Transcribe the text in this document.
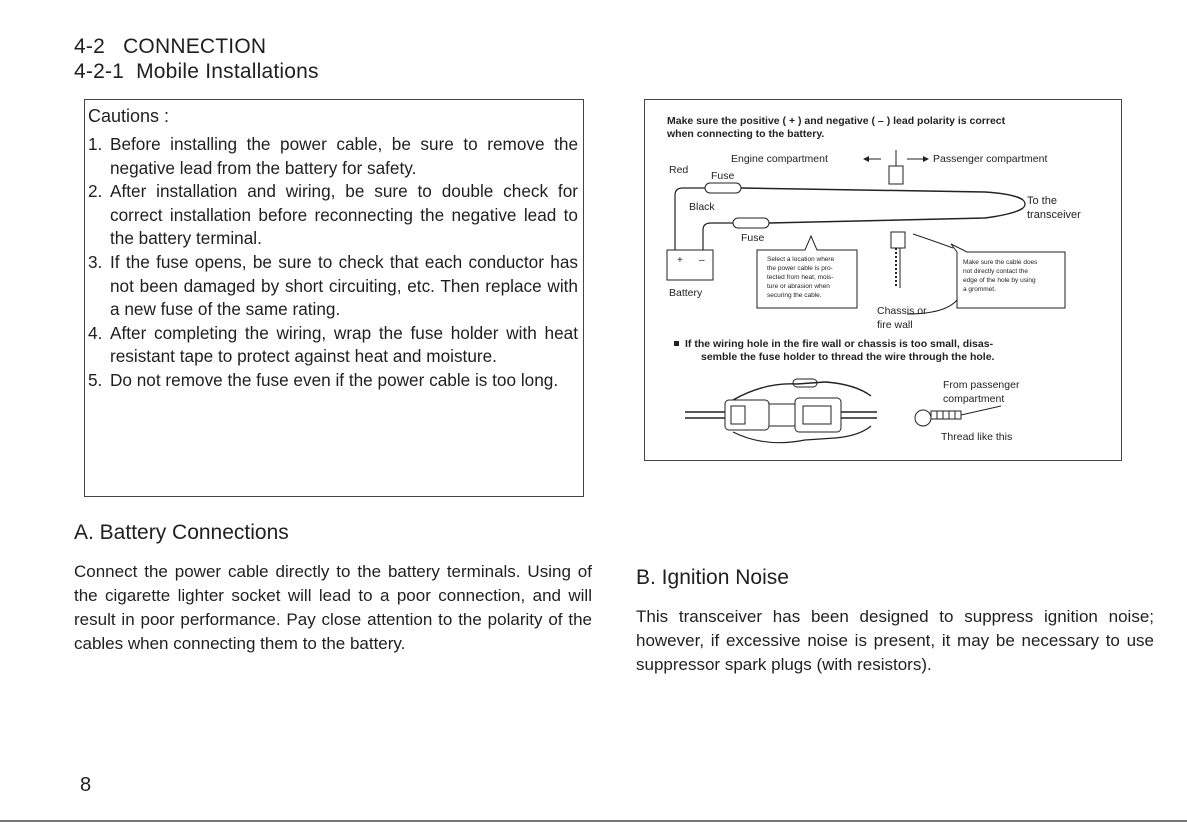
4-2 CONNECTION
4-2-1 Mobile Installations
Cautions :
1. Before installing the power cable, be sure to remove the negative lead from the battery for safety.
2. After installation and wiring, be sure to double check for correct installation before reconnecting the negative lead to the battery terminal.
3. If the fuse opens, be sure to check that each conductor has not been damaged by short circuiting, etc. Then replace with a new fuse of the same rating.
4. After completing the wiring, wrap the fuse holder with heat resistant tape to protect against heat and moisture.
5. Do not remove the fuse even if the power cable is too long.
A. Battery Connections
Connect the power cable directly to the battery terminals. Using of the cigarette lighter socket will lead to a poor connection, and will result in poor performance. Pay close attention to the polarity of the cables when connecting them to the battery.
B. Ignition Noise
This transceiver has been designed to suppress ignition noise; however, if excessive noise is present, it may be necessary to use suppressor spark plugs (with resistors).
Make sure the positive ( + ) and negative ( – ) lead polarity is correct
when connecting to the battery.
Engine compartment	Passenger compartment
Red Fuse
Black
Fuse
To the
transceiver
+ –
Battery
Select a location where
the power cable is pro-
tected from heat, mois-
ture or abrasion when
securing the cable.
Chassis or
fire wall
Make sure the cable does
not directly contact the
edge of the hole by using
a grommet.
If the wiring hole in the fire wall or chassis is too small, disas-
semble the fuse holder to thread the wire through the hole.
From passenger
compartment
Thread like this
8
